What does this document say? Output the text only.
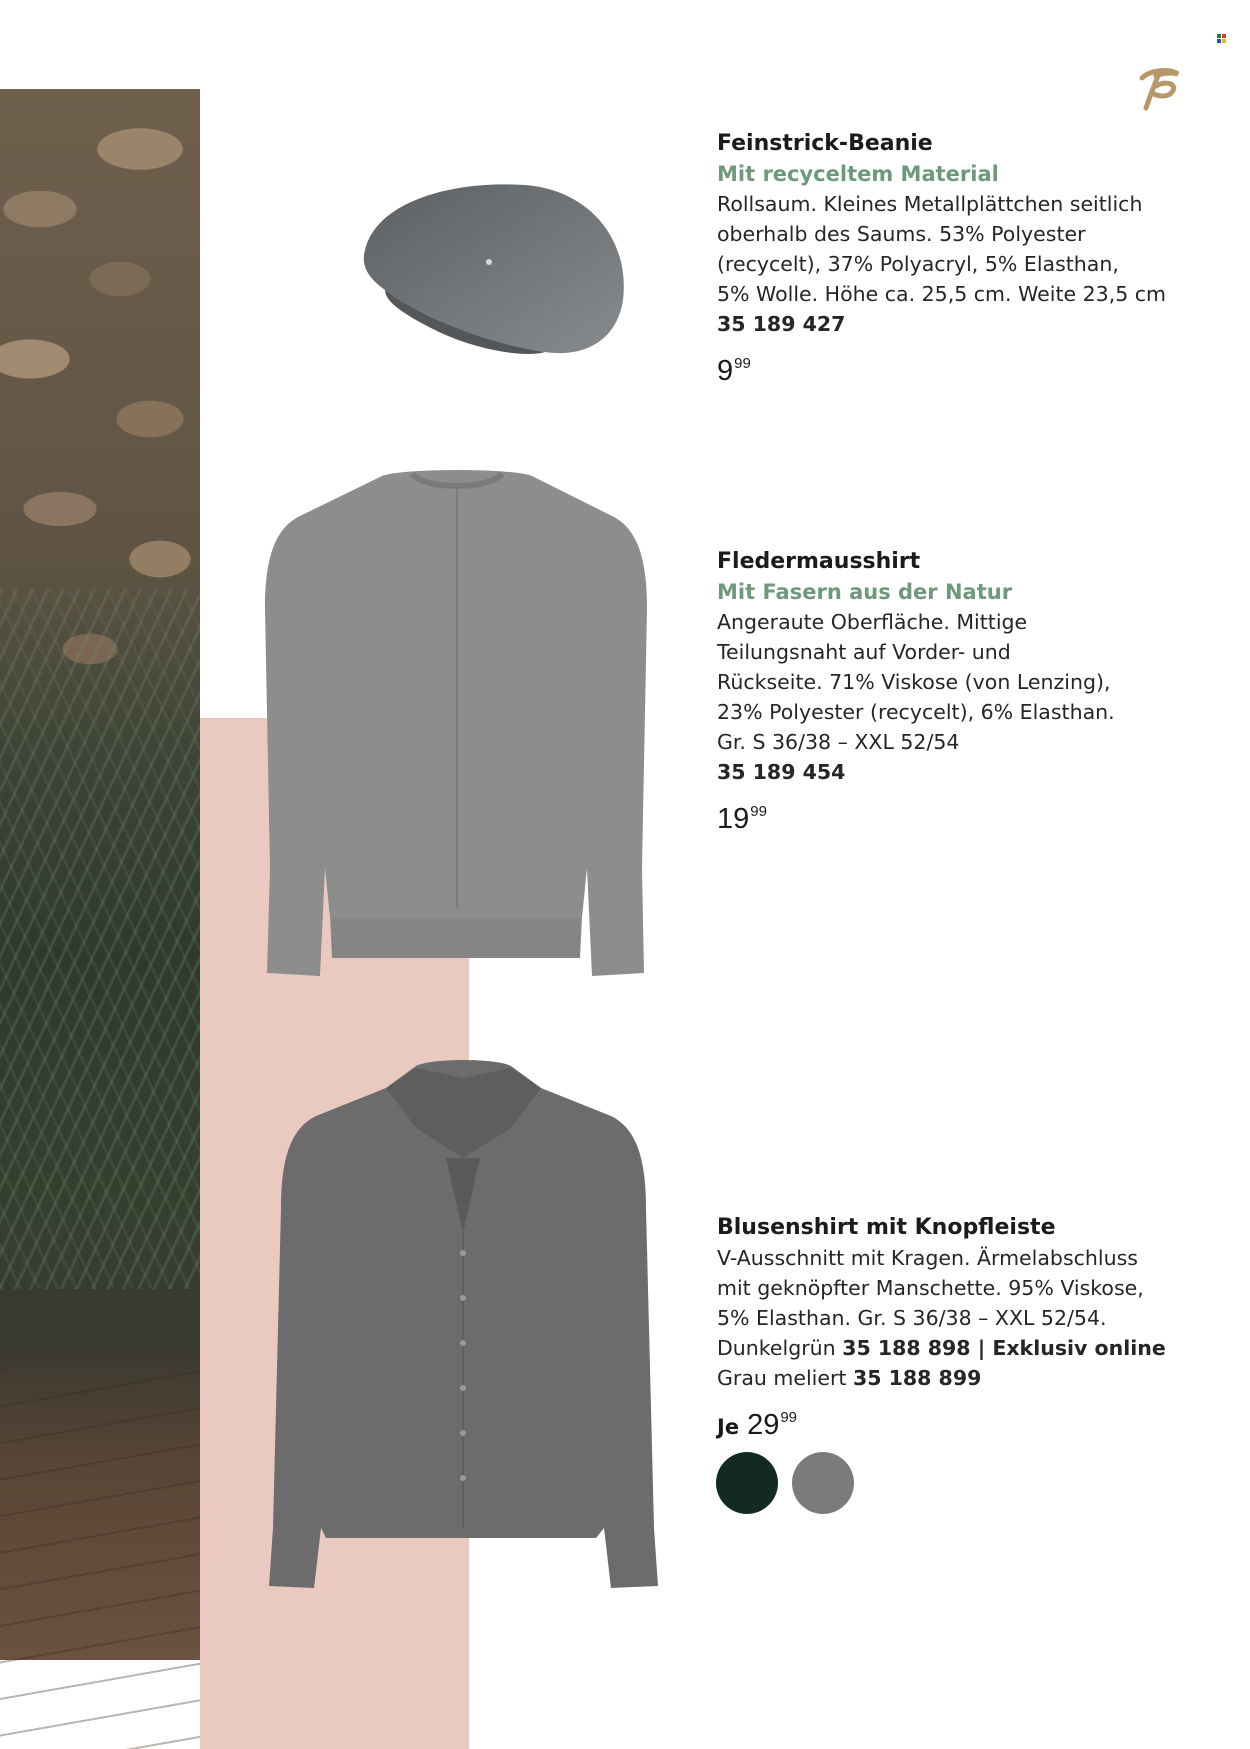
Feinstrick-Beanie
Mit recyceltem Material
Rollsaum. Kleines Metallplättchen seitlich
oberhalb des Saums. 53% Polyester
(recycelt), 37% Polyacryl, 5% Elasthan,
5% Wolle. Höhe ca. 25,5 cm. Weite 23,5 cm
35 189 427
$9^{99}$
Fledermausshirt
Mit Fasern aus der Natur
Angeraute Oberfläche. Mittige
Teilungsnaht auf Vorder- und
Rückseite. 71% Viskose (von Lenzing),
23% Polyester (recycelt), 6% Elasthan.
Gr. S 36/38 – XXL 52/54
35 189 454
$19^{99}$
Blusenshirt mit Knopfleiste
V-Ausschnitt mit Kragen. Ärmelabschluss
mit geknöpfter Manschette. 95% Viskose,
5% Elasthan. Gr. S 36/38 – XXL 52/54.
Dunkelgrün 35 188 898 | Exklusiv online
Grau meliert 35 188 899
Je $29^{99}$
